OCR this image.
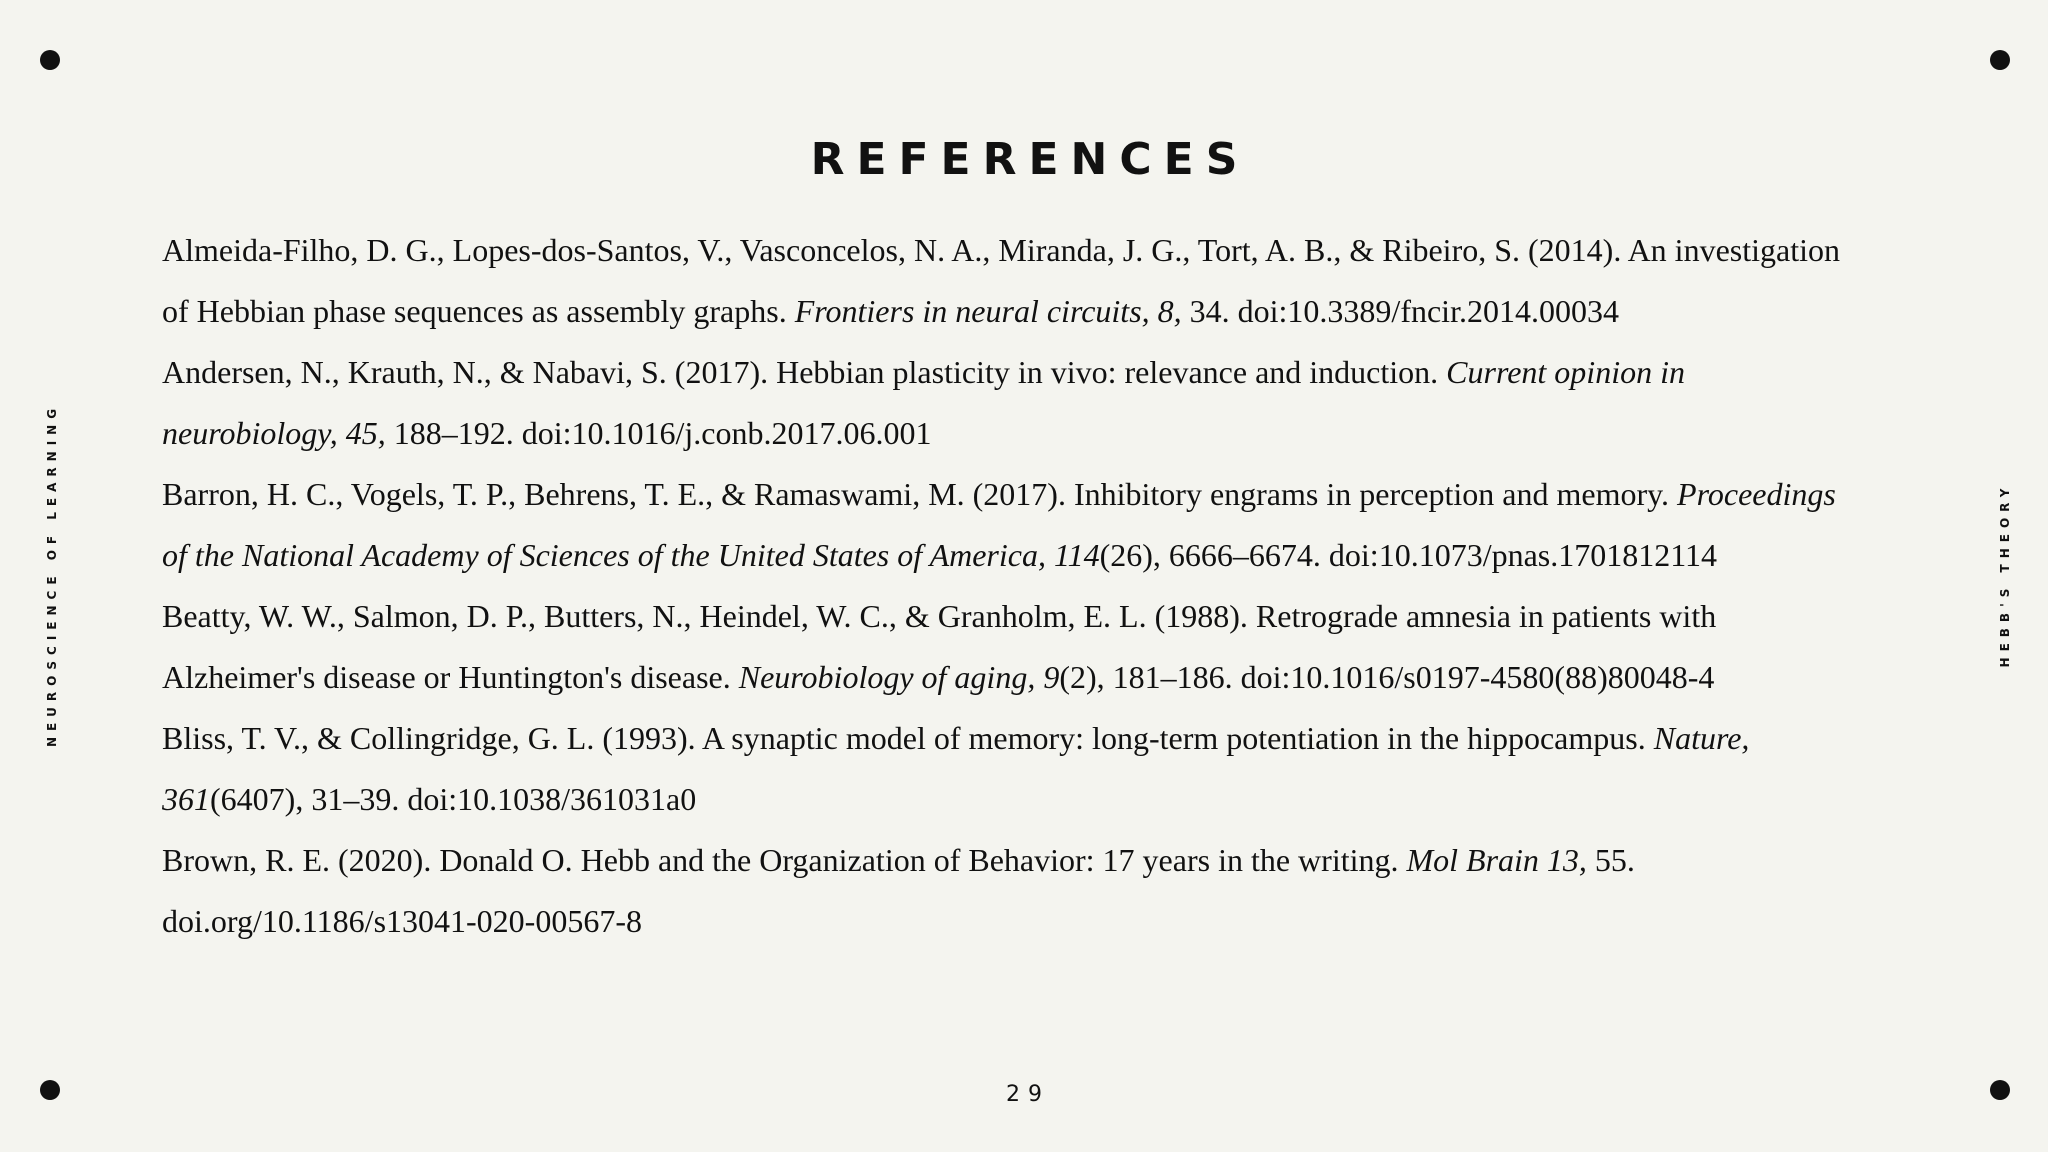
NEUROSCIENCE OF LEARNING	HEBB'S THEORY
REFERENCES

Almeida-Filho, D. G., Lopes-dos-Santos, V., Vasconcelos, N. A., Miranda, J. G., Tort, A. B., & Ribeiro, S. (2014). An investigation of Hebbian phase sequences as assembly graphs. Frontiers in neural circuits, 8, 34. doi:10.3389/fncir.2014.00034

Andersen, N., Krauth, N., & Nabavi, S. (2017). Hebbian plasticity in vivo: relevance and induction. Current opinion in neurobiology, 45, 188–192. doi:10.1016/j.conb.2017.06.001

Barron, H. C., Vogels, T. P., Behrens, T. E., & Ramaswami, M. (2017). Inhibitory engrams in perception and memory. Proceedings of the National Academy of Sciences of the United States of America, 114(26), 6666–6674. doi:10.1073/pnas.1701812114

Beatty, W. W., Salmon, D. P., Butters, N., Heindel, W. C., & Granholm, E. L. (1988). Retrograde amnesia in patients with Alzheimer's disease or Huntington's disease. Neurobiology of aging, 9(2), 181–186. doi:10.1016/s0197-4580(88)80048-4

Bliss, T. V., & Collingridge, G. L. (1993). A synaptic model of memory: long-term potentiation in the hippocampus. Nature, 361(6407), 31–39. doi:10.1038/361031a0

Brown, R. E. (2020). Donald O. Hebb and the Organization of Behavior: 17 years in the writing. Mol Brain 13, 55. doi.org/10.1186/s13041-020-00567-8

29
